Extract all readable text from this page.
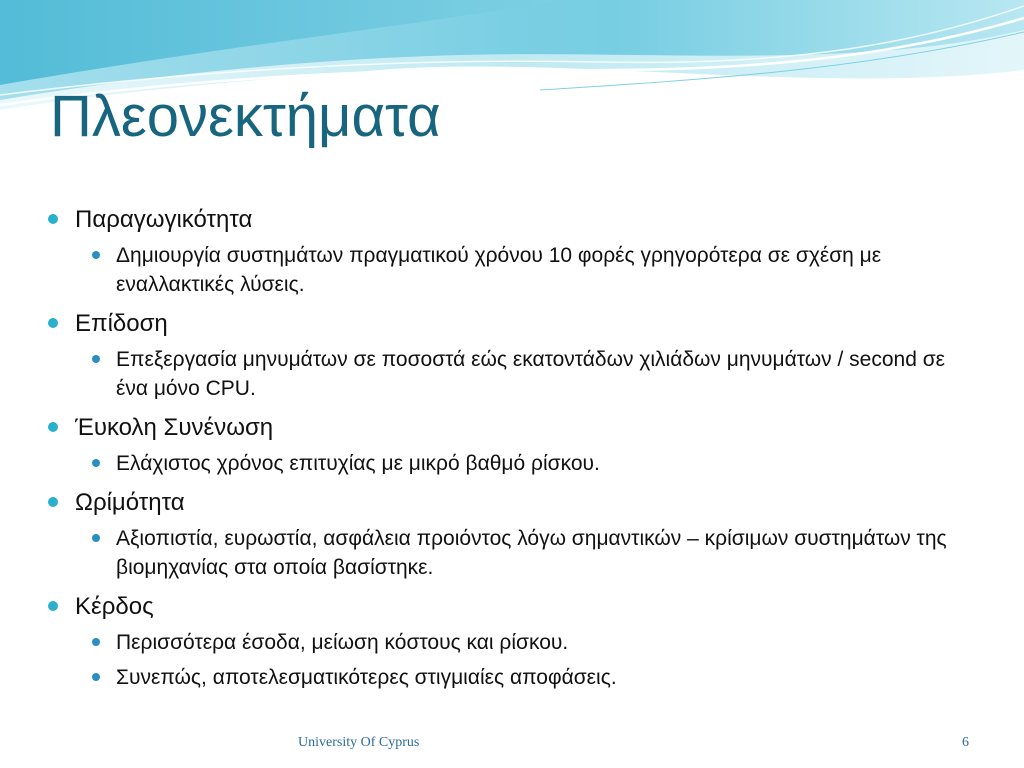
Πλεονεκτήματα
Παραγωγικότητα
Δημιουργία συστημάτων πραγματικού χρόνου 10 φορές γρηγορότερα σε σχέση με εναλλακτικές λύσεις.
Επίδοση
Επεξεργασία μηνυμάτων σε ποσοστά εώς εκατοντάδων χιλιάδων μηνυμάτων / second σε ένα μόνο CPU.
Έυκολη Συνένωση
Ελάχιστος χρόνος επιτυχίας με μικρό βαθμό ρίσκου.
Ωρίμότητα
Αξιοπιστία, ευρωστία, ασφάλεια προιόντος λόγω σημαντικών – κρίσιμων συστημάτων της βιομηχανίας στα οποία βασίστηκε.
Κέρδος
Περισσότερα έσοδα, μείωση κόστους και ρίσκου.
Συνεπώς, αποτελεσματικότερες στιγμιαίες αποφάσεις.
University Of Cyprus	6
